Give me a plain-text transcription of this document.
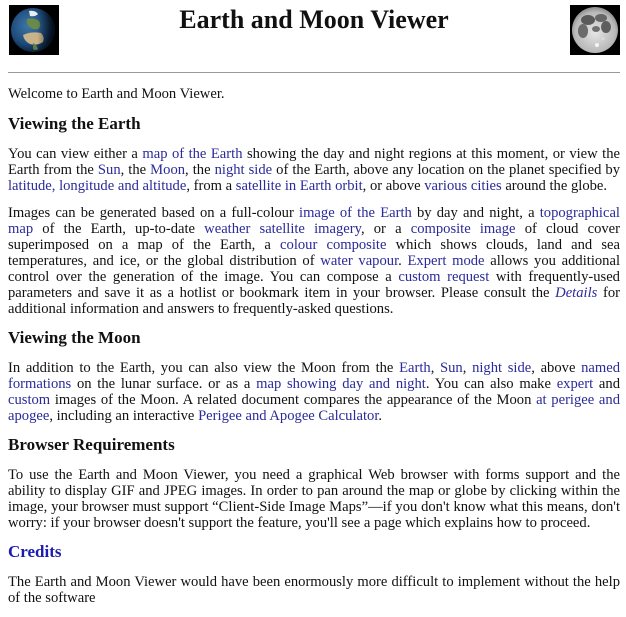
Earth and Moon Viewer

Welcome to Earth and Moon Viewer.

Viewing the Earth

You can view either a map of the Earth showing the day and night regions at this moment, or view the Earth from the Sun, the Moon, the night side of the Earth, above any location on the planet specified by latitude, longitude and altitude, from a satellite in Earth orbit, or above various cities around the globe.

Images can be generated based on a full-colour image of the Earth by day and night, a topographical map of the Earth, up-to-date weather satellite imagery, or a composite image of cloud cover superimposed on a map of the Earth, a colour composite which shows clouds, land and sea temperatures, and ice, or the global distribution of water vapour. Expert mode allows you additional control over the generation of the image. You can compose a custom request with frequently-used parameters and save it as a hotlist or bookmark item in your browser. Please consult the Details for additional information and answers to frequently-asked questions.

Viewing the Moon

In addition to the Earth, you can also view the Moon from the Earth, Sun, night side, above named formations on the lunar surface. or as a map showing day and night. You can also make expert and custom images of the Moon. A related document compares the appearance of the Moon at perigee and apogee, including an interactive Perigee and Apogee Calculator.

Browser Requirements

To use the Earth and Moon Viewer, you need a graphical Web browser with forms support and the ability to display GIF and JPEG images. In order to pan around the map or globe by clicking within the image, your browser must support “Client-Side Image Maps”—if you don't know what this means, don't worry: if your browser doesn't support the feature, you'll see a page which explains how to proceed.

Credits

The Earth and Moon Viewer would have been enormously more difficult to implement without the help of the software
